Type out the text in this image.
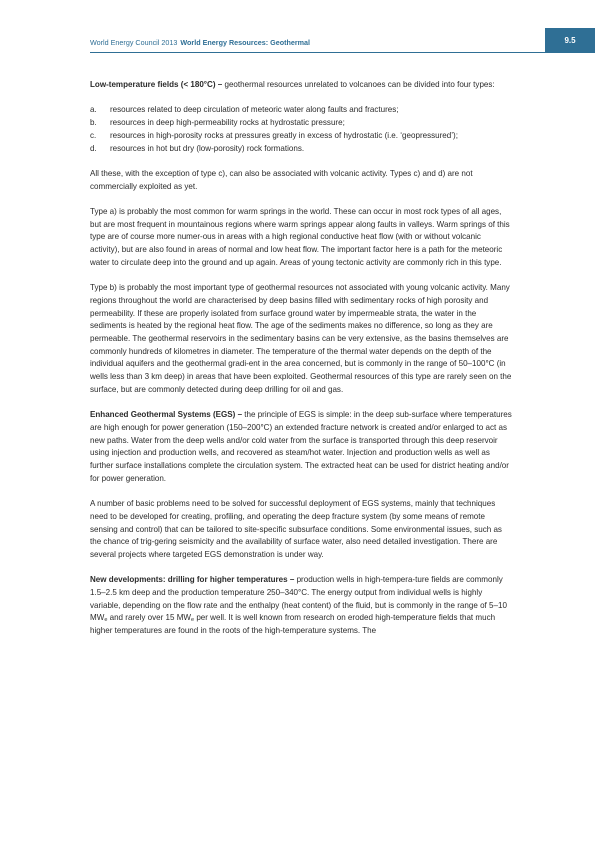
World Energy Council 2013 World Energy Resources: Geothermal	9.5

Low-temperature fields (< 180°C) – geothermal resources unrelated to volcanoes can be divided into four types:

a.	resources related to deep circulation of meteoric water along faults and fractures;
b.	resources in deep high-permeability rocks at hydrostatic pressure;
c.	resources in high-porosity rocks at pressures greatly in excess of hydrostatic (i.e. ‘geopressured’);
d.	resources in hot but dry (low-porosity) rock formations.

All these, with the exception of type c), can also be associated with volcanic activity. Types c) and d) are not commercially exploited as yet.

Type a) is probably the most common for warm springs in the world. These can occur in most rock types of all ages, but are most frequent in mountainous regions where warm springs appear along faults in valleys. Warm springs of this type are of course more numer-ous in areas with a high regional conductive heat flow (with or without volcanic activity), but are also found in areas of normal and low heat flow. The important factor here is a path for the meteoric water to circulate deep into the ground and up again. Areas of young tectonic activity are commonly rich in this type.

Type b) is probably the most important type of geothermal resources not associated with young volcanic activity. Many regions throughout the world are characterised by deep basins filled with sedimentary rocks of high porosity and permeability. If these are properly isolated from surface ground water by impermeable strata, the water in the sediments is heated by the regional heat flow. The age of the sediments makes no difference, so long as they are permeable. The geothermal reservoirs in the sedimentary basins can be very extensive, as the basins themselves are commonly hundreds of kilometres in diameter. The temperature of the thermal water depends on the depth of the individual aquifers and the geothermal gradi-ent in the area concerned, but is commonly in the range of 50–100°C (in wells less than 3 km deep) in areas that have been exploited. Geothermal resources of this type are rarely seen on the surface, but are commonly detected during deep drilling for oil and gas.

Enhanced Geothermal Systems (EGS) – the principle of EGS is simple: in the deep sub-surface where temperatures are high enough for power generation (150–200°C) an extended fracture network is created and/or enlarged to act as new paths. Water from the deep wells and/or cold water from the surface is transported through this deep reservoir using injection and production wells, and recovered as steam/hot water. Injection and production wells as well as further surface installations complete the circulation system. The extracted heat can be used for district heating and/or for power generation.

A number of basic problems need to be solved for successful deployment of EGS systems, mainly that techniques need to be developed for creating, profiling, and operating the deep fracture system (by some means of remote sensing and control) that can be tailored to site-specific subsurface conditions. Some environmental issues, such as the chance of trig-gering seismicity and the availability of surface water, also need detailed investigation. There are several projects where targeted EGS demonstration is under way.

New developments: drilling for higher temperatures – production wells in high-tempera-ture fields are commonly 1.5–2.5 km deep and the production temperature 250–340°C. The energy output from individual wells is highly variable, depending on the flow rate and the enthalpy (heat content) of the fluid, but is commonly in the range of 5–10 $MW_e$ and rarely over 15 $MW_e$ per well. It is well known from research on eroded high-temperature fields that much higher temperatures are found in the roots of the high-temperature systems. The
